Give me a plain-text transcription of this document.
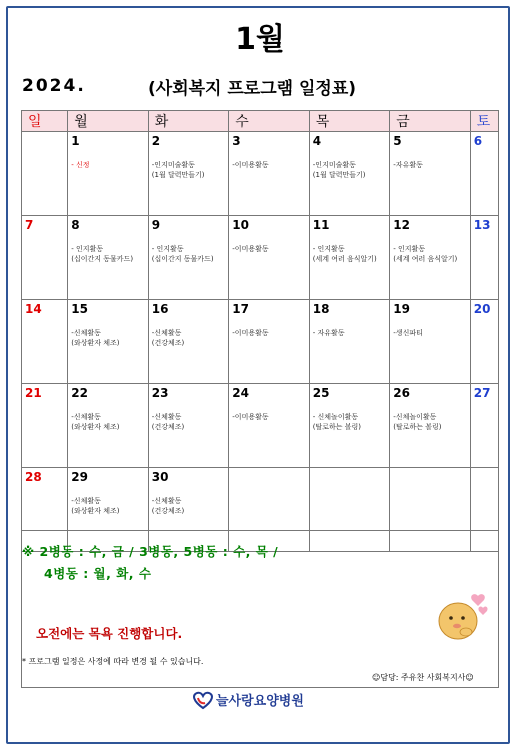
1월
2024.	(사회복지 프로그램 일정표)
일	월	화	수	목	금	토

	1
- 신정	2
-인지미술활동
(1월 달력만들기)	3
-이미용활동	4
-인지미술활동
(1월 달력만들기)	5
-자유활동	6

7	8
- 인지활동
(십이간지 동물카드)	9
- 인지활동
(십이간지 동물카드)	10
-이미용활동	11
- 인지활동
(세계 여러 음식알기)	12
- 인지활동
(세계 여러 음식알기)	13

14	15
-신체활동
(와상환자 체조)	16
-신체활동
(건강체조)	17
-이미용활동	18
- 자유활동	19
-생신파티	20

21	22
-신체활동
(와상환자 체조)	23
-신체활동
(건강체조)	24
-이미용활동	25
- 신체놀이활동
(탈로하는 볼링)	26
-신체놀이활동
(탈로하는 볼링)	27

28	29
-신체활동
(와상환자 체조)	30
-신체활동
(건강체조)				

※ 2병동 : 수, 금 / 3병동, 5병동 : 수, 목 /
4병동 : 월, 화, 수
오전에는 목욕 진행합니다.
* 프로그램 일정은 사정에 따라 변경 될 수 있습니다.
☺담당: 주유찬 사회복지사☺
늘사랑요양병원
